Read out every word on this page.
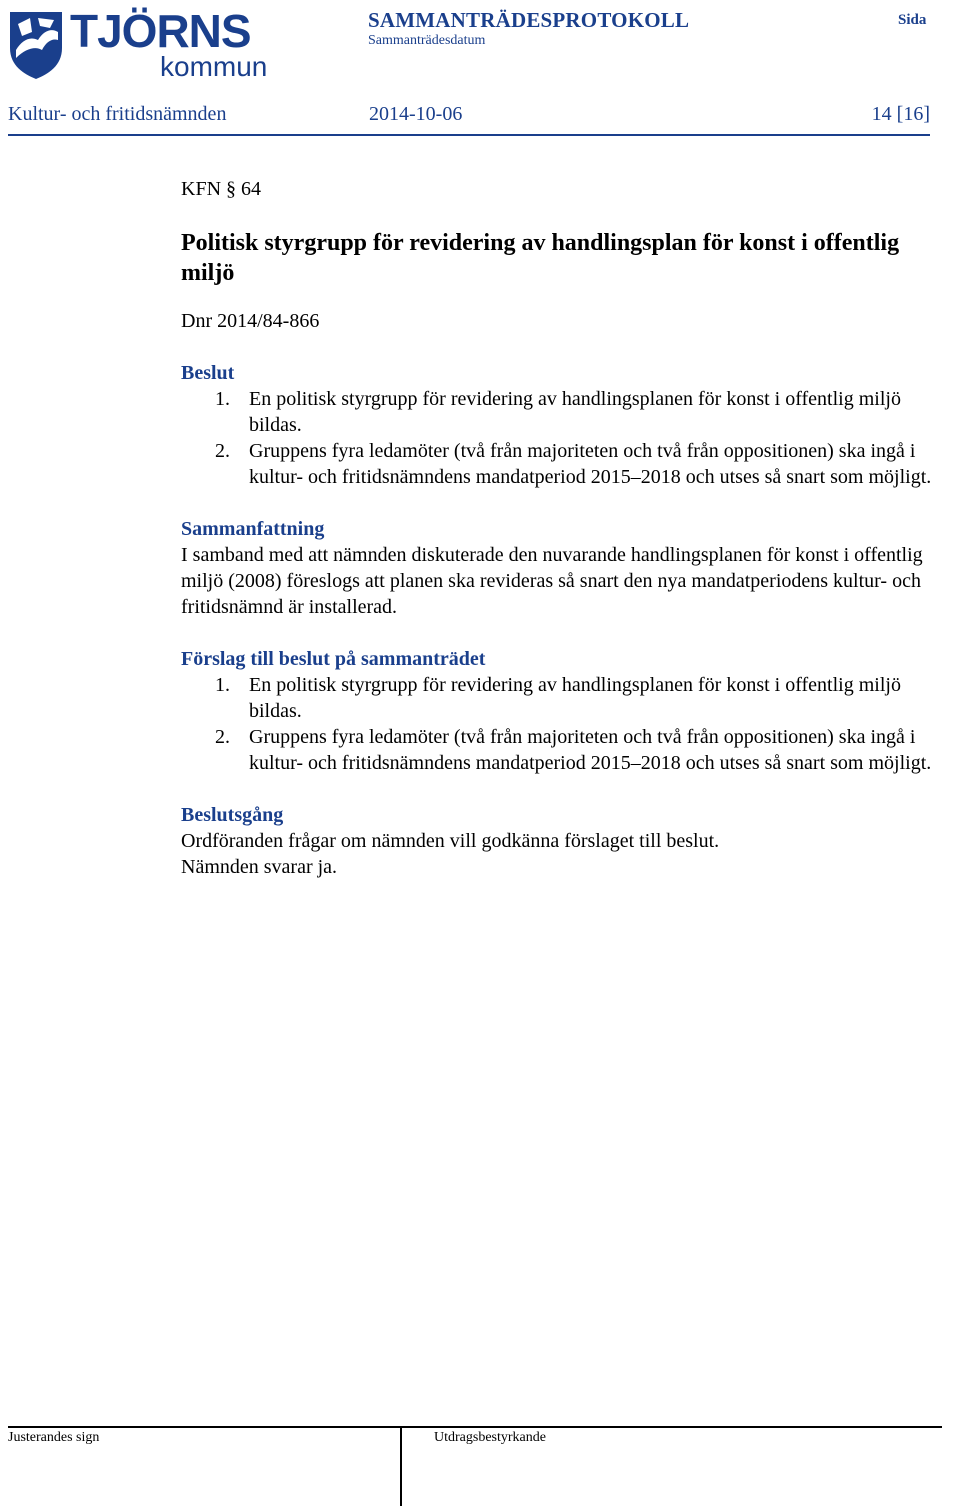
TJÖRNS
kommun
SAMMANTRÄDESPROTOKOLL
Sammanträdesdatum
Sida
Kultur- och fritidsnämnden	2014-10-06	14 [16]

KFN § 64

Politisk styrgrupp för revidering av handlingsplan för konst i offentlig miljö

Dnr 2014/84-866

Beslut

1. En politisk styrgrupp för revidering av handlingsplanen för konst i offentlig miljö bildas.
2. Gruppens fyra ledamöter (två från majoriteten och två från oppositionen) ska ingå i kultur- och fritidsnämndens mandatperiod 2015–2018 och utses så snart som möjligt.

Sammanfattning

I samband med att nämnden diskuterade den nuvarande handlingsplanen för konst i offentlig miljö (2008) föreslogs att planen ska revideras så snart den nya mandatperiodens kultur- och fritidsnämnd är installerad.

Förslag till beslut på sammanträdet

1. En politisk styrgrupp för revidering av handlingsplanen för konst i offentlig miljö bildas.
2. Gruppens fyra ledamöter (två från majoriteten och två från oppositionen) ska ingå i kultur- och fritidsnämndens mandatperiod 2015–2018 och utses så snart som möjligt.

Beslutsgång

Ordföranden frågar om nämnden vill godkänna förslaget till beslut.

Nämnden svarar ja.

Justerandes sign	Utdragsbestyrkande
